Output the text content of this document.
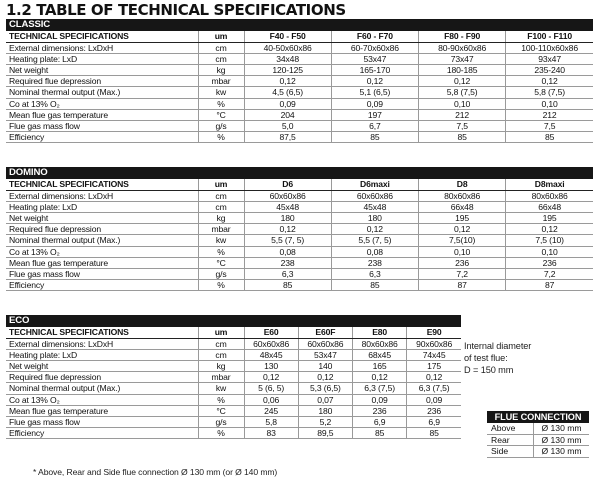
1.2 TABLE OF TECHNICAL SPECIFICATIONS
CLASSIC					
TECHNICAL SPECIFICATIONS	um	F40 - F50	F60 - F70	F80 - F90	F100 - F110
External dimensions: LxDxH	cm	40-50x60x86	60-70x60x86	80-90x60x86	100-110x60x86
Heating plate: LxD	cm	34x48	53x47	73x47	93x47
Net weight	kg	120-125	165-170	180-185	235-240
Required flue depression	mbar	0,12	0,12	0,12	0,12
Nominal thermal output (Max.)	kw	4,5 (6,5)	5,1 (6,5)	5,8 (7,5)	5,8 (7,5)
Co at 13% O₂	%	0,09	0,09	0,10	0,10
Mean flue gas temperature	°C	204	197	212	212
Flue gas mass flow	g/s	5,0	6,7	7,5	7,5
Efficiency	%	87,5	85	85	85
DOMINO					
TECHNICAL SPECIFICATIONS	um	D6	D6maxi	D8	D8maxi
External dimensions: LxDxH	cm	60x60x86	60x60x86	80x60x86	80x60x86
Heating plate: LxD	cm	45x48	45x48	66x48	66x48
Net weight	kg	180	180	195	195
Required flue depression	mbar	0,12	0,12	0,12	0,12
Nominal thermal output (Max.)	kw	5,5 (7, 5)	5,5 (7, 5)	7,5(10)	7,5 (10)
Co at 13% O₂	%	0,08	0,08	0,10	0,10
Mean flue gas temperature	°C	238	238	236	236
Flue gas mass flow	g/s	6,3	6,3	7,2	7,2
Efficiency	%	85	85	87	87
ECO					
TECHNICAL SPECIFICATIONS	um	E60	E60F	E80	E90
External dimensions: LxDxH	cm	60x60x86	60x60x86	80x60x86	90x60x86
Heating plate: LxD	cm	48x45	53x47	68x45	74x45
Net weight	kg	130	140	165	175
Required flue depression	mbar	0,12	0,12	0,12	0,12
Nominal thermal output (Max.)	kw	5 (6, 5)	5,3 (6,5)	6,3 (7,5)	6,3 (7,5)
Co at 13% O₂	%	0,06	0,07	0,09	0,09
Mean flue gas temperature	°C	245	180	236	236
Flue gas mass flow	g/s	5,8	5,2	6,9	6,9
Efficiency	%	83	89,5	85	85
Internal diameter
of test flue:
D = 150 mm
FLUE CONNECTION
Above	Ø 130 mm
Rear	Ø 130 mm
Side	Ø 130 mm
* Above, Rear and Side flue connection Ø 130 mm (or Ø 140 mm)
